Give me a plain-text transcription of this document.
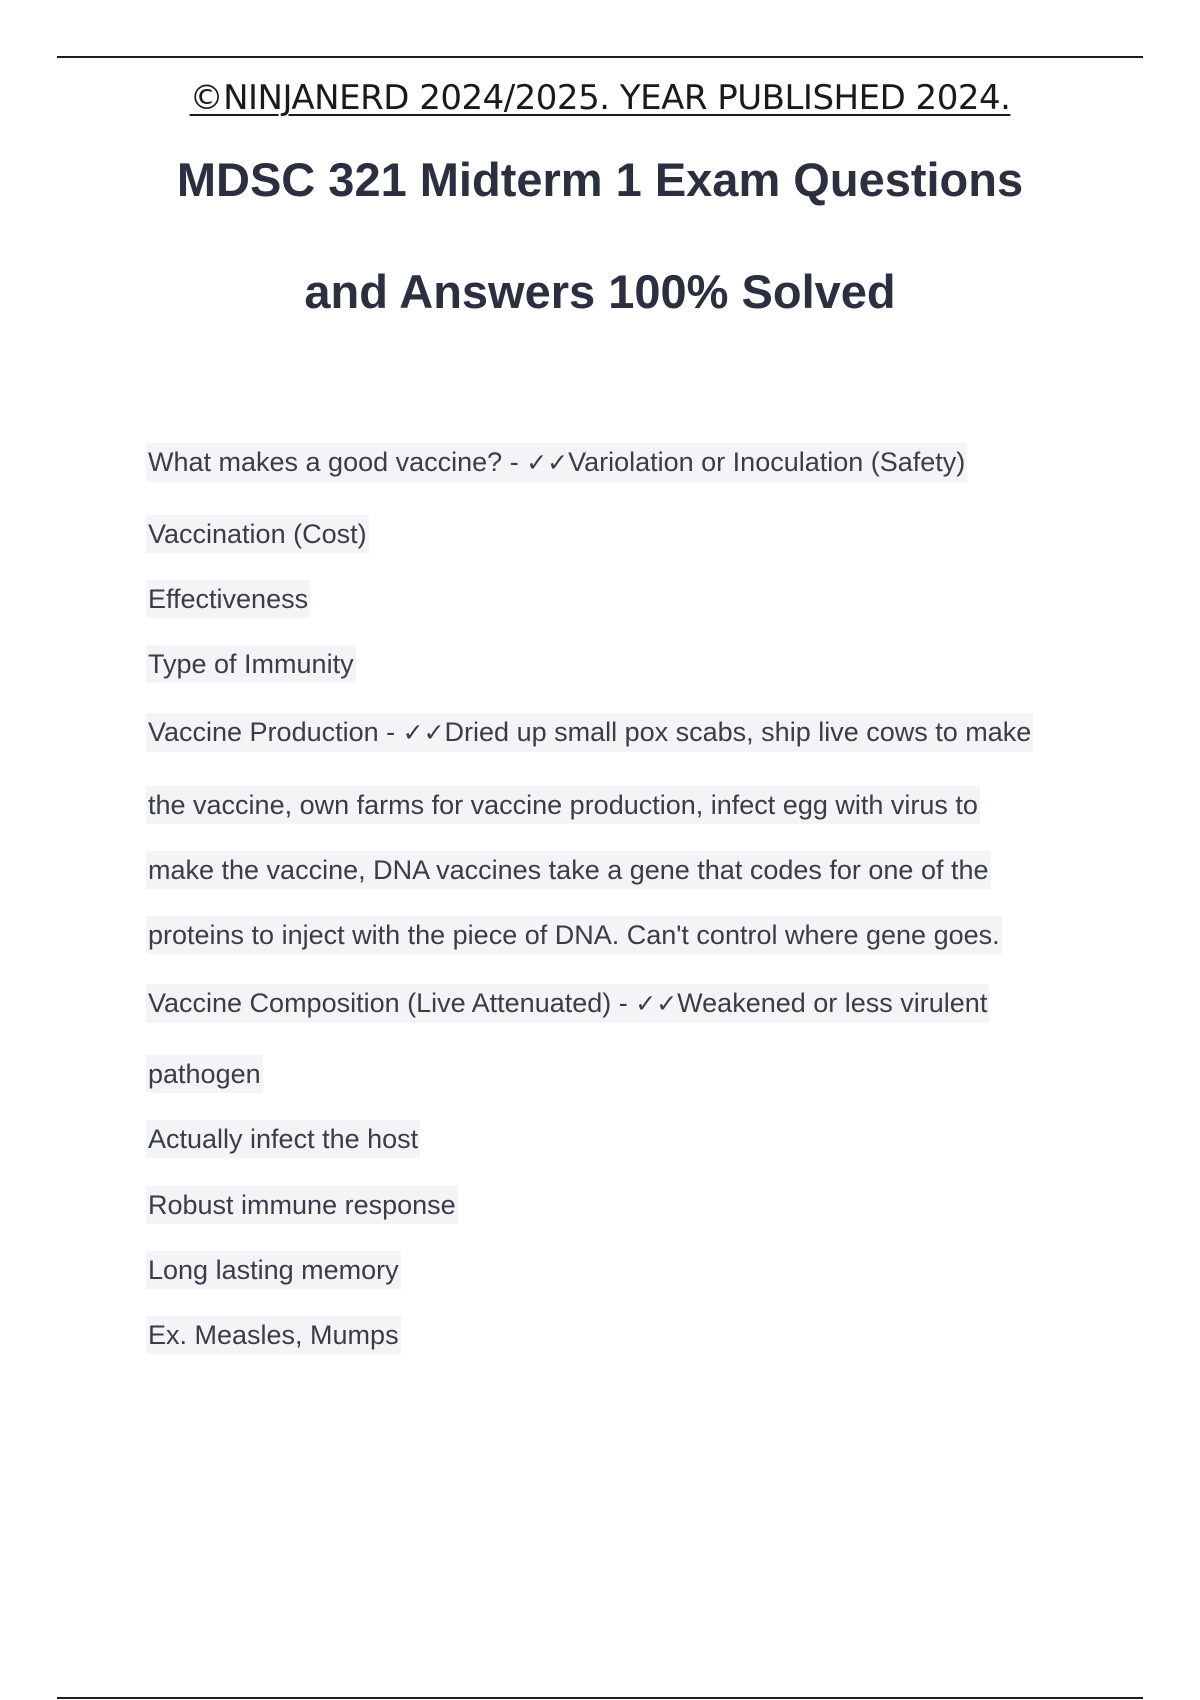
©NINJANERD 2024/2025. YEAR PUBLISHED 2024.
MDSC 321 Midterm 1 Exam Questions
and Answers 100% Solved
What makes a good vaccine? - ✓✓Variolation or Inoculation (Safety)
Vaccination (Cost)
Effectiveness
Type of Immunity
Vaccine Production - ✓✓Dried up small pox scabs, ship live cows to make
the vaccine, own farms for vaccine production, infect egg with virus to
make the vaccine, DNA vaccines take a gene that codes for one of the
proteins to inject with the piece of DNA. Can't control where gene goes.
Vaccine Composition (Live Attenuated) - ✓✓Weakened or less virulent
pathogen
Actually infect the host
Robust immune response
Long lasting memory
Ex. Measles, Mumps
